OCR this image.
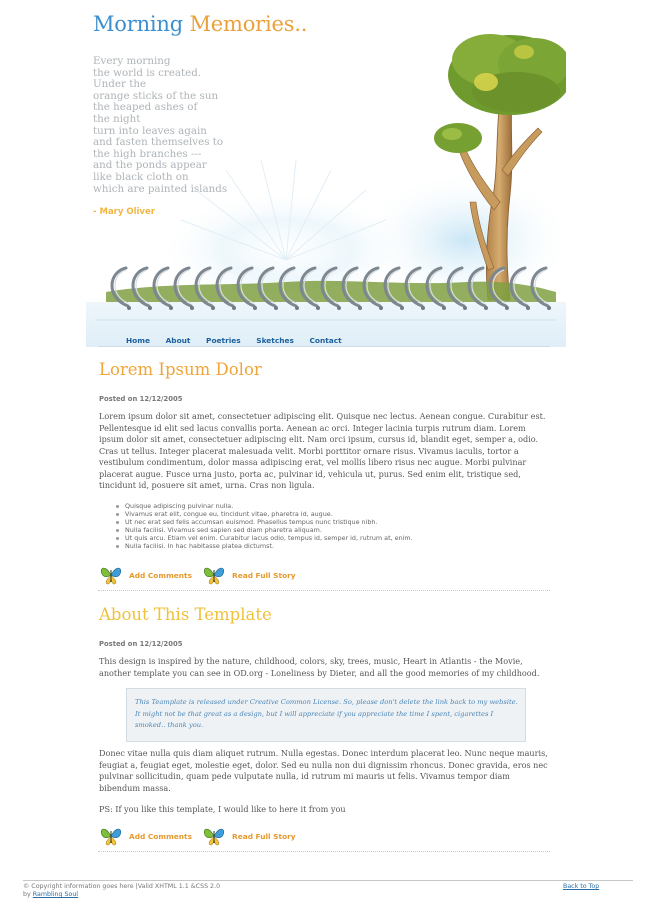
Morning Memories..
Every morning
the world is created.
Under the
orange sticks of the sun
the heaped ashes of
the night
turn into leaves again
and fasten themselves to
the high branches ---
and the ponds appear
like black cloth on
which are painted islands
- Mary Oliver
Home About Poetries Sketches Contact
Lorem Ipsum Dolor
Posted on 12/12/2005
Lorem ipsum dolor sit amet, consectetuer adipiscing elit. Quisque nec lectus. Aenean congue. Curabitur est. Pellentesque id elit sed lacus convallis porta. Aenean ac orci. Integer lacinia turpis rutrum diam. Lorem ipsum dolor sit amet, consectetuer adipiscing elit. Nam orci ipsum, cursus id, blandit eget, semper a, odio. Cras ut tellus. Integer placerat malesuada velit. Morbi porttitor ornare risus. Vivamus iaculis, tortor a vestibulum condimentum, dolor massa adipiscing erat, vel mollis libero risus nec augue. Morbi pulvinar placerat augue. Fusce urna justo, porta ac, pulvinar id, vehicula ut, purus. Sed enim elit, tristique sed, tincidunt id, posuere sit amet, urna. Cras non ligula.
Quisque adipiscing pulvinar nulla.
Vivamus erat elit, congue eu, tincidunt vitae, pharetra id, augue.
Ut nec erat sed felis accumsan euismod. Phasellus tempus nunc tristique nibh.
Nulla facilisi. Vivamus sed sapien sed diam pharetra aliquam.
Ut quis arcu. Etiam vel enim. Curabitur lacus odio, tempus id, semper id, rutrum at, enim.
Nulla facilisi. In hac habitasse platea dictumst.
Add Comments	Read Full Story
About This Template
Posted on 12/12/2005
This design is inspired by the nature, childhood, colors, sky, trees, music, Heart in Atlantis - the Movie, another template you can see in OD.org - Loneliness by Dieter, and all the good memories of my childhood.
This Teamplate is released under Creative Common License. So, please don't delete the link back to my website. It might not be that great as a design, but I will appreciate if you appreciate the time I spent, cigarettes I smoked.. thank you.
Donec vitae nulla quis diam aliquet rutrum. Nulla egestas. Donec interdum placerat leo. Nunc neque mauris, feugiat a, feugiat eget, molestie eget, dolor. Sed eu nulla non dui dignissim rhoncus. Donec gravida, eros nec pulvinar sollicitudin, quam pede vulputate nulla, id rutrum mi mauris ut felis. Vivamus tempor diam bibendum massa.
PS: If you like this template, I would like to here it from you
Add Comments	Read Full Story
© Copyright information goes here |Valid XHTML 1.1 &CSS 2.0
by Rambling Soul
Back to Top
